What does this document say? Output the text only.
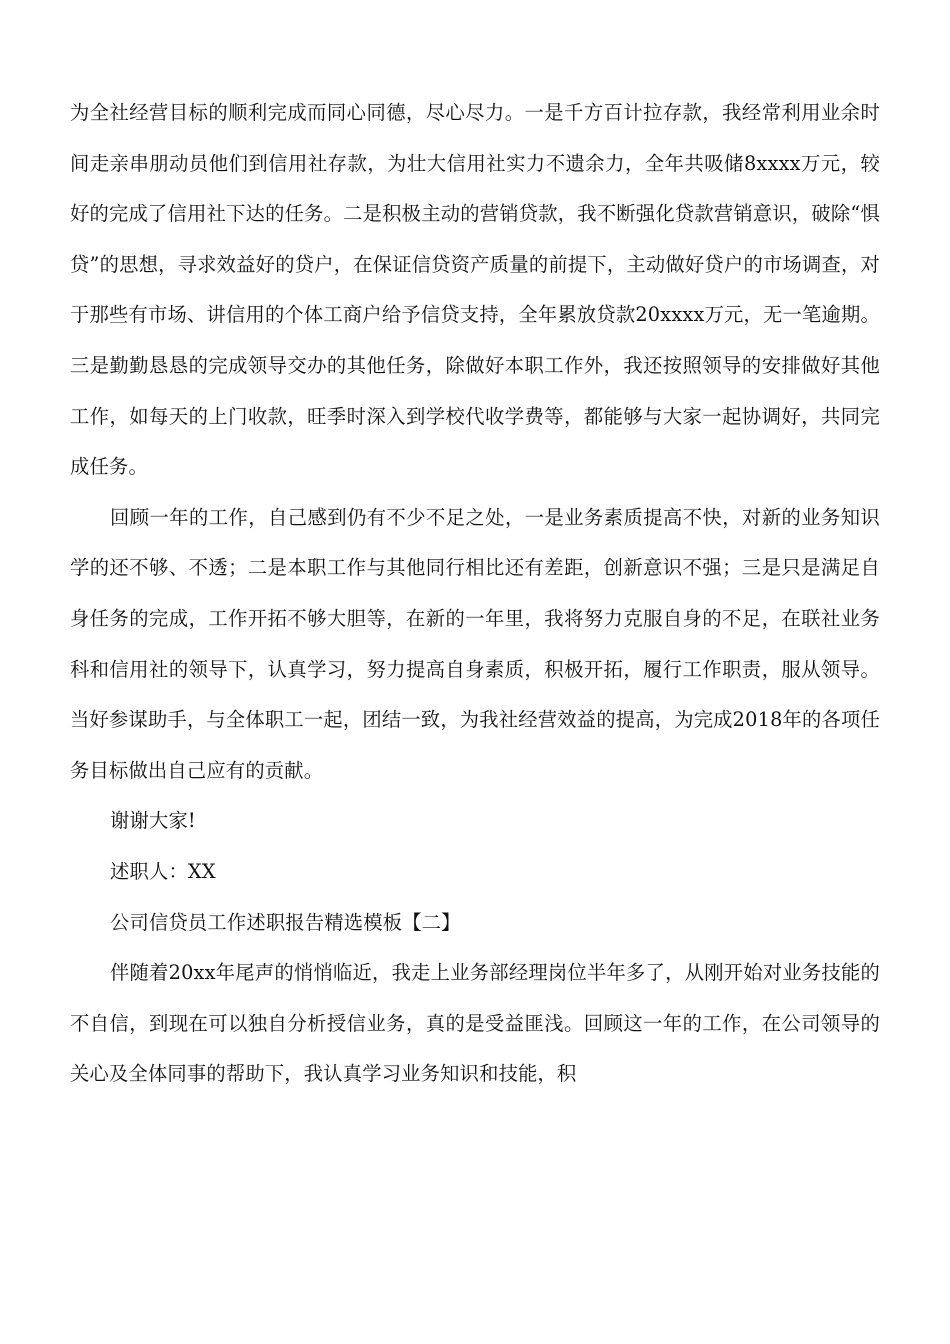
为全社经营目标的顺利完成而同心同德，尽心尽力。一是千方百计拉存款，我经常利用业余时间走亲串朋动员他们到信用社存款，为壮大信用社实力不遗余力，全年共吸储8xxxx万元，较好的完成了信用社下达的任务。二是积极主动的营销贷款，我不断强化贷款营销意识，破除“惧贷”的思想，寻求效益好的贷户，在保证信贷资产质量的前提下，主动做好贷户的市场调查，对于那些有市场、讲信用的个体工商户给予信贷支持，全年累放贷款20xxxx万元，无一笔逾期。三是勤勤恳恳的完成领导交办的其他任务，除做好本职工作外，我还按照领导的安排做好其他工作，如每天的上门收款，旺季时深入到学校代收学费等，都能够与大家一起协调好，共同完成任务。

回顾一年的工作，自己感到仍有不少不足之处，一是业务素质提高不快，对新的业务知识学的还不够、不透；二是本职工作与其他同行相比还有差距，创新意识不强；三是只是满足自身任务的完成，工作开拓不够大胆等，在新的一年里，我将努力克服自身的不足，在联社业务科和信用社的领导下，认真学习，努力提高自身素质，积极开拓，履行工作职责，服从领导。当好参谋助手，与全体职工一起，团结一致，为我社经营效益的提高，为完成2018年的各项任务目标做出自己应有的贡献。

谢谢大家!

述职人：XX

公司信贷员工作述职报告精选模板【二】

伴随着20xx年尾声的悄悄临近，我走上业务部经理岗位半年多了，从刚开始对业务技能的不自信，到现在可以独自分析授信业务，真的是受益匪浅。回顾这一年的工作，在公司领导的关心及全体同事的帮助下，我认真学习业务知识和技能，积
